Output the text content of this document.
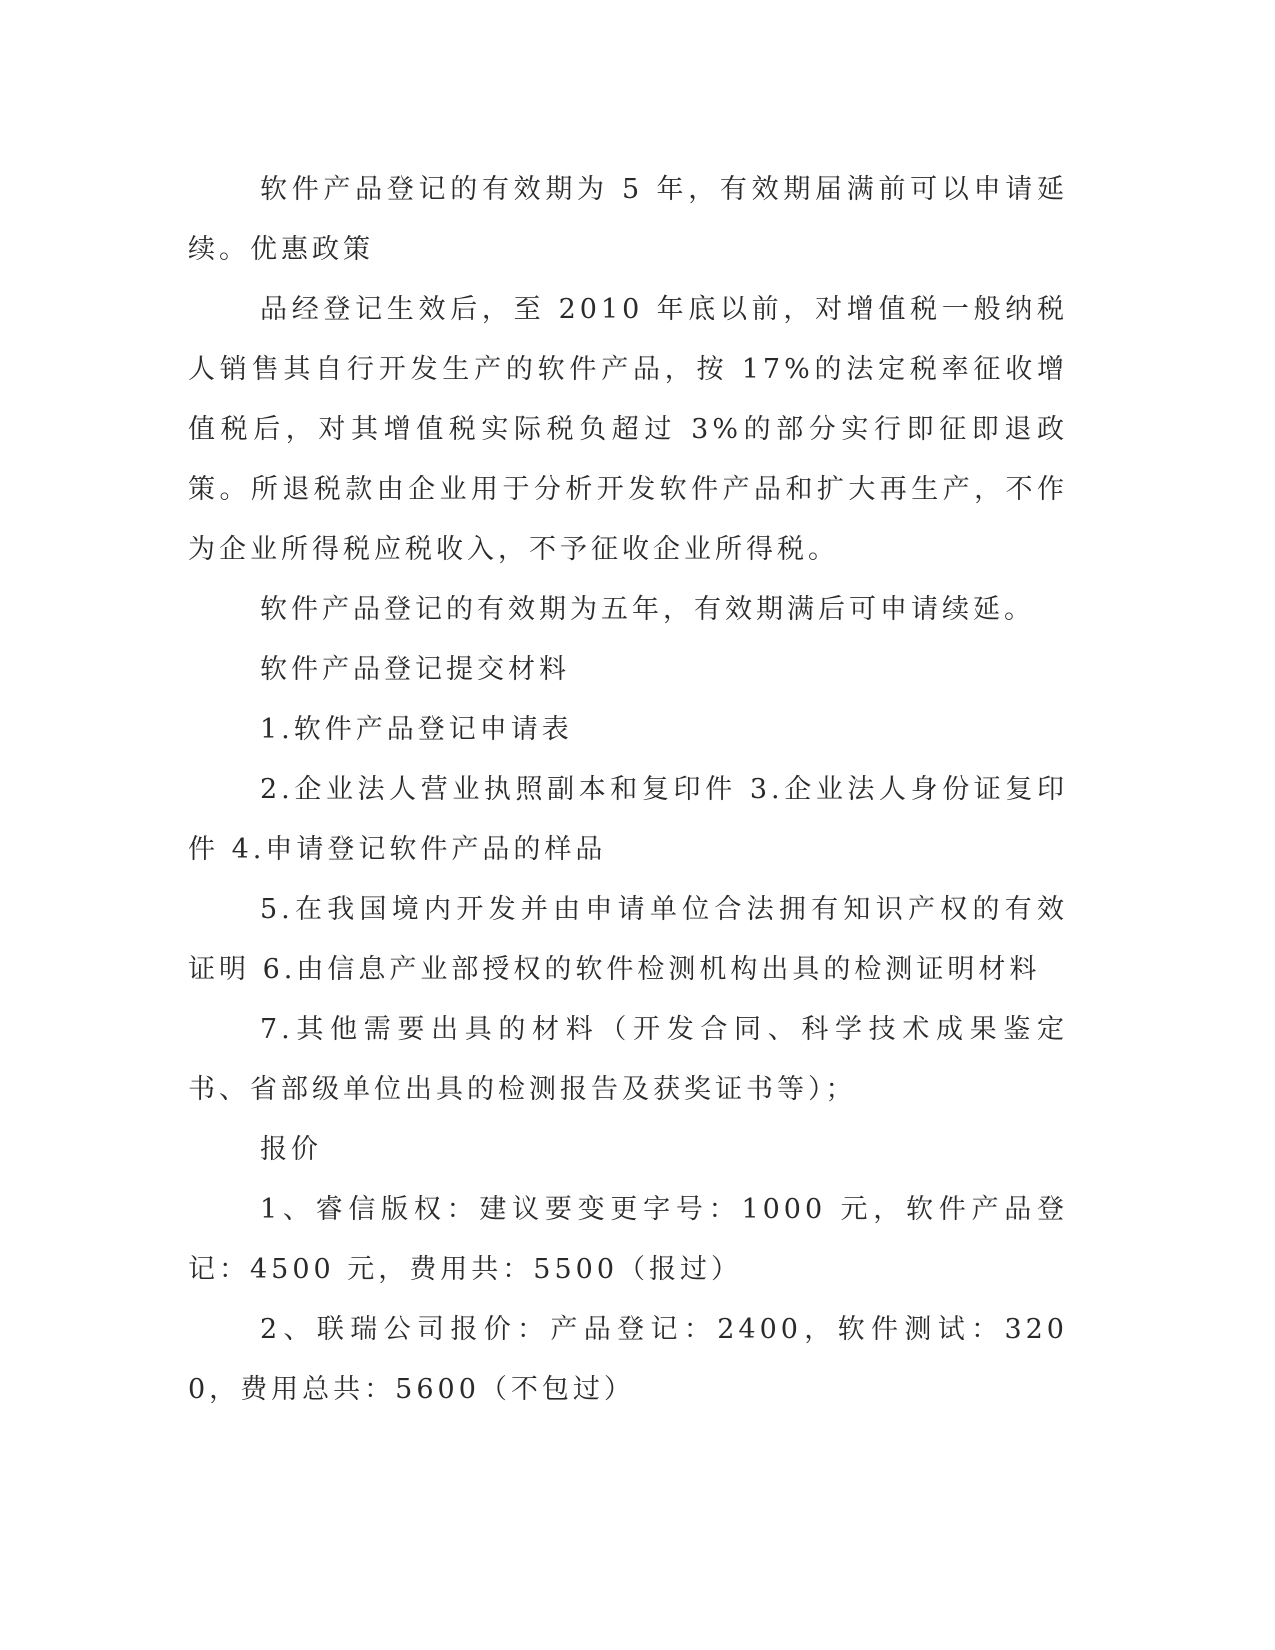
软件产品登记的有效期为 5 年，有效期届满前可以申请延续。优惠政策

品经登记生效后，至 2010 年底以前，对增值税一般纳税人销售其自行开发生产的软件产品，按 17%的法定税率征收增值税后，对其增值税实际税负超过 3%的部分实行即征即退政策。所退税款由企业用于分析开发软件产品和扩大再生产，不作为企业所得税应税收入，不予征收企业所得税。

软件产品登记的有效期为五年，有效期满后可申请续延。

软件产品登记提交材料

1.软件产品登记申请表

2.企业法人营业执照副本和复印件 3.企业法人身份证复印件 4.申请登记软件产品的样品

5.在我国境内开发并由申请单位合法拥有知识产权的有效证明 6.由信息产业部授权的软件检测机构出具的检测证明材料

7.其他需要出具的材料（开发合同、科学技术成果鉴定书、省部级单位出具的检测报告及获奖证书等）；

报价

1、睿信版权：建议要变更字号：1000 元，软件产品登记：4500 元，费用共：5500（报过）

2、联瑞公司报价：产品登记：2400，软件测试：3200，费用总共：5600（不包过）
